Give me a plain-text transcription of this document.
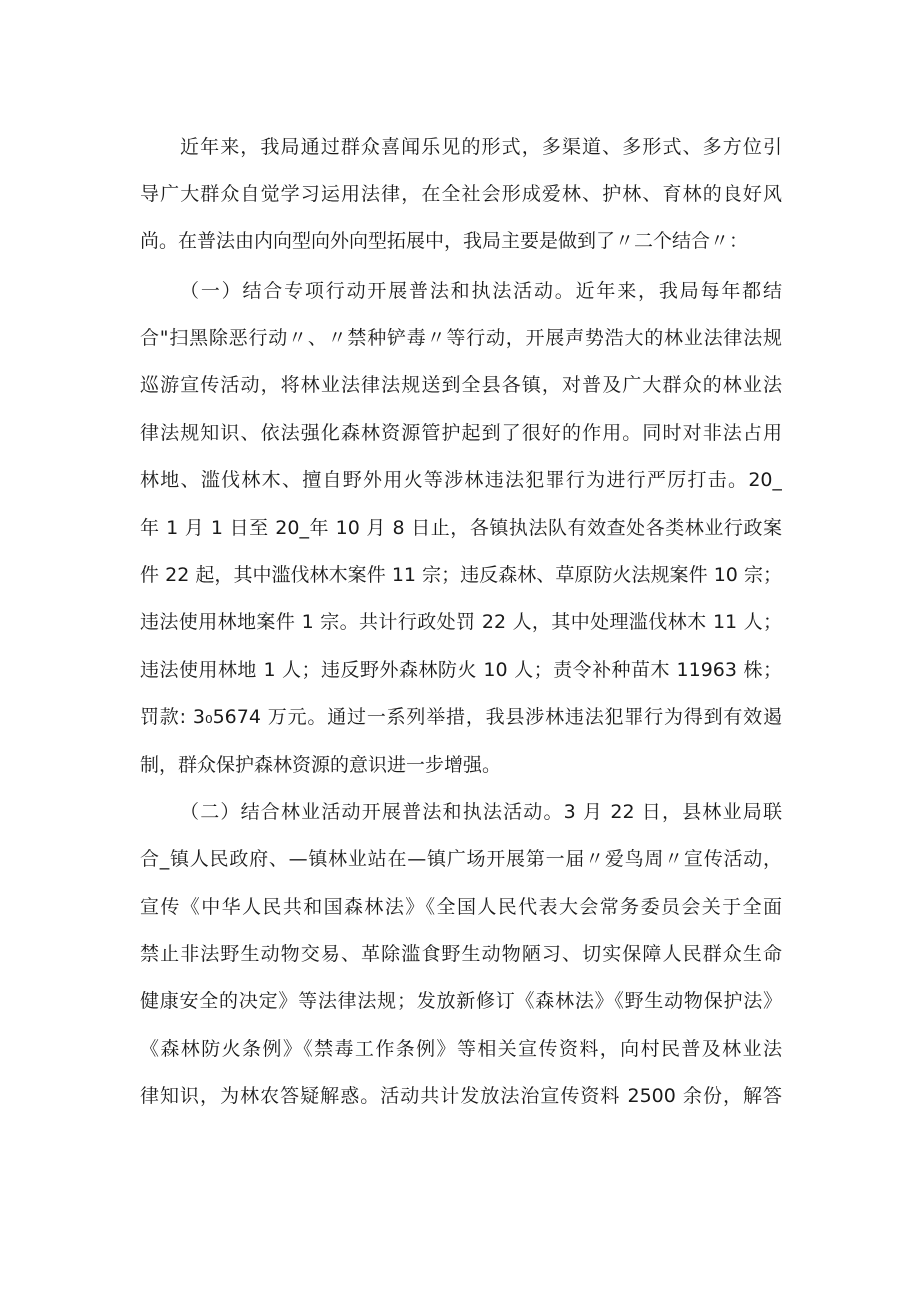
近年来，我局通过群众喜闻乐见的形式，多渠道、多形式、多方位引
导广大群众自觉学习运用法律，在全社会形成爱林、护林、育林的良好风
尚。在普法由内向型向外向型拓展中，我局主要是做到了〃二个结合〃：
（一）结合专项行动开展普法和执法活动。近年来，我局每年都结
合"扫黑除恶行动〃、〃禁种铲毒〃等行动，开展声势浩大的林业法律法规
巡游宣传活动，将林业法律法规送到全县各镇，对普及广大群众的林业法
律法规知识、依法强化森林资源管护起到了很好的作用。同时对非法占用
林地、滥伐林木、擅自野外用火等涉林违法犯罪行为进行严厉打击。20_
年 1 月 1 日至 20_年 10 月 8 日止，各镇执法队有效查处各类林业行政案
件 22 起，其中滥伐林木案件 11 宗；违反森林、草原防火法规案件 10 宗；
违法使用林地案件 1 宗。共计行政处罚 22 人，其中处理滥伐林木 11 人；
违法使用林地 1 人；违反野外森林防火 10 人；责令补种苗木 11963 株；
罚款: 3₀5674 万元。通过一系列举措，我县涉林违法犯罪行为得到有效遏
制，群众保护森林资源的意识进一步增强。
（二）结合林业活动开展普法和执法活动。3 月 22 日，县林业局联
合_镇人民政府、—镇林业站在—镇广场开展第一届〃爱鸟周〃宣传活动，
宣传《中华人民共和国森林法》《全国人民代表大会常务委员会关于全面
禁止非法野生动物交易、革除滥食野生动物陋习、切实保障人民群众生命
健康安全的决定》等法律法规；发放新修订《森林法》《野生动物保护法》
《森林防火条例》《禁毒工作条例》等相关宣传资料，向村民普及林业法
律知识，为林农答疑解惑。活动共计发放法治宣传资料 2500 余份，解答
